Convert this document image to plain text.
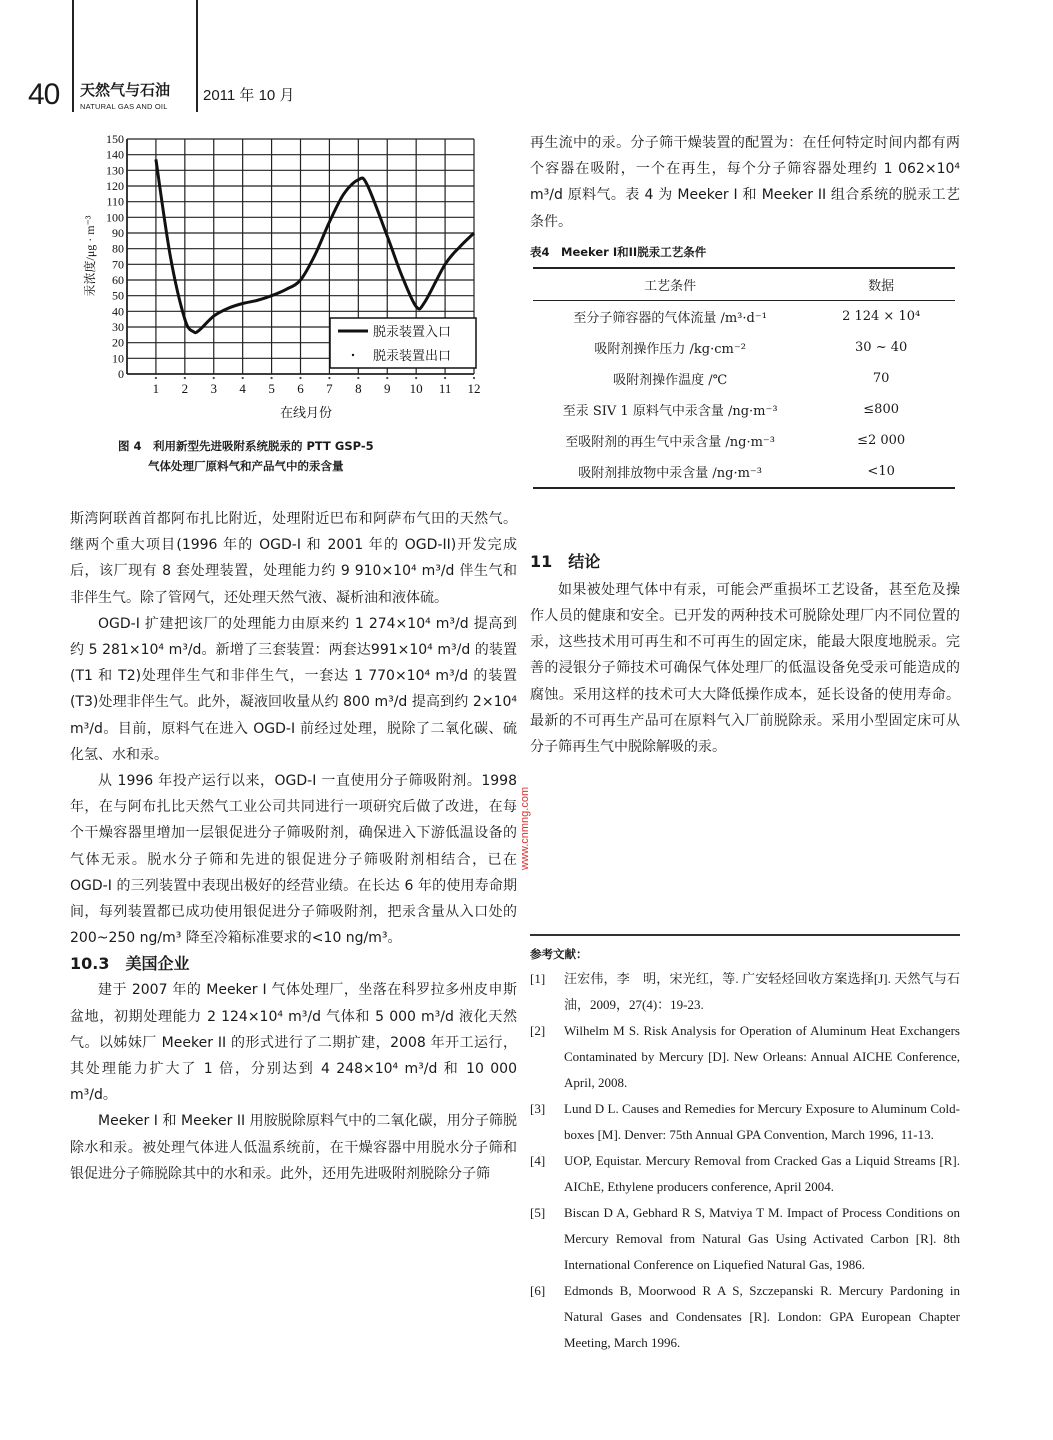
40 天然气与石油
NATURAL GAS AND OIL
2011 年 10 月
0
10
20
30
40
50
60
70
80
90
100
110
120
130
140
150
1 2 3 4 5 6 7 8 9 10 11 12
脱汞装置入口
脱汞装置出口
在线月份
汞浓度/μg · m⁻³
图 4　利用新型先进吸附系统脱汞的 PTT GSP-5
气体处理厂原料气和产品气中的汞含量
斯湾阿联酋首都阿布扎比附近，处理附近巴布和阿萨布气田的天然气。继两个重大项目(1996 年的 OGD-I 和 2001 年的 OGD-II)开发完成后，该厂现有 8 套处理装置，处理能力约 9 910×10⁴ m³/d 伴生气和非伴生气。除了管网气，还处理天然气液、凝析油和液体硫。
OGD-I 扩建把该厂的处理能力由原来约 1 274×10⁴ m³/d 提高到约 5 281×10⁴ m³/d。新增了三套装置：两套达991×10⁴ m³/d 的装置(T1 和 T2)处理伴生气和非伴生气，一套达 1 770×10⁴ m³/d 的装置(T3)处理非伴生气。此外，凝液回收量从约 800 m³/d 提高到约 2×10⁴ m³/d。目前，原料气在进入 OGD-I 前经过处理，脱除了二氧化碳、硫化氢、水和汞。
从 1996 年投产运行以来，OGD-I 一直使用分子筛吸附剂。1998 年，在与阿布扎比天然气工业公司共同进行一项研究后做了改进，在每个干燥容器里增加一层银促进分子筛吸附剂，确保进入下游低温设备的气体无汞。脱水分子筛和先进的银促进分子筛吸附剂相结合，已在 OGD-I 的三列装置中表现出极好的经营业绩。在长达 6 年的使用寿命期间，每列装置都已成功使用银促进分子筛吸附剂，把汞含量从入口处的 200~250 ng/m³ 降至冷箱标准要求的<10 ng/m³。
10.3　美国企业
建于 2007 年的 Meeker I 气体处理厂，坐落在科罗拉多州皮申斯盆地，初期处理能力 2 124×10⁴ m³/d 气体和 5 000 m³/d 液化天然气。以姊妹厂 Meeker II 的形式进行了二期扩建，2008 年开工运行，其处理能力扩大了 1 倍，分别达到 4 248×10⁴ m³/d 和 10 000 m³/d。
Meeker I 和 Meeker II 用胺脱除原料气中的二氧化碳，用分子筛脱除水和汞。被处理气体进人低温系统前，在干燥容器中用脱水分子筛和银促进分子筛脱除其中的水和汞。此外，还用先进吸附剂脱除分子筛
再生流中的汞。分子筛干燥装置的配置为：在任何特定时间内都有两个容器在吸附，一个在再生，每个分子筛容器处理约 1 062×10⁴ m³/d 原料气。表 4 为 Meeker I 和 Meeker II 组合系统的脱汞工艺条件。
表4　Meeker I和II脱汞工艺条件
工艺条件	数据
至分子筛容器的气体流量 /m³·d⁻¹	2 124 × 10⁴
吸附剂操作压力 /kg·cm⁻²	30 ~ 40
吸附剂操作温度 /℃	70
至汞 SIV 1 原料气中汞含量 /ng·m⁻³	≤800
至吸附剂的再生气中汞含量 /ng·m⁻³	≤2 000
吸附剂排放物中汞含量 /ng·m⁻³	<10
11　结论
如果被处理气体中有汞，可能会严重损坏工艺设备，甚至危及操作人员的健康和安全。已开发的两种技术可脱除处理厂内不同位置的汞，这些技术用可再生和不可再生的固定床，能最大限度地脱汞。完善的浸银分子筛技术可确保气体处理厂的低温设备免受汞可能造成的腐蚀。采用这样的技术可大大降低操作成本，延长设备的使用寿命。最新的不可再生产品可在原料气入厂前脱除汞。采用小型固定床可从分子筛再生气中脱除解吸的汞。
参考文献：
[1] 汪宏伟，李　明，宋光红，等. 广安轻烃回收方案选择[J]. 天然气与石油，2009，27(4)：19-23.
[2] Wilhelm M S. Risk Analysis for Operation of Aluminum Heat Exchangers Contaminated by Mercury [D]. New Orleans: Annual AICHE Conference, April, 2008.
[3] Lund D L. Causes and Remedies for Mercury Exposure to Aluminum Cold-boxes [M]. Denver: 75th Annual GPA Convention, March 1996, 11-13.
[4] UOP, Equistar. Mercury Removal from Cracked Gas a Liquid Streams [R]. AIChE, Ethylene producers conference, April 2004.
[5] Biscan D A, Gebhard R S, Matviya T M. Impact of Process Conditions on Mercury Removal from Natural Gas Using Activated Carbon [R]. 8th International Conference on Liquefied Natural Gas, 1986.
[6] Edmonds B, Moorwood R A S, Szczepanski R. Mercury Pardoning in Natural Gases and Condensates [R]. London: GPA European Chapter Meeting, March 1996.
www.cnmng.com
